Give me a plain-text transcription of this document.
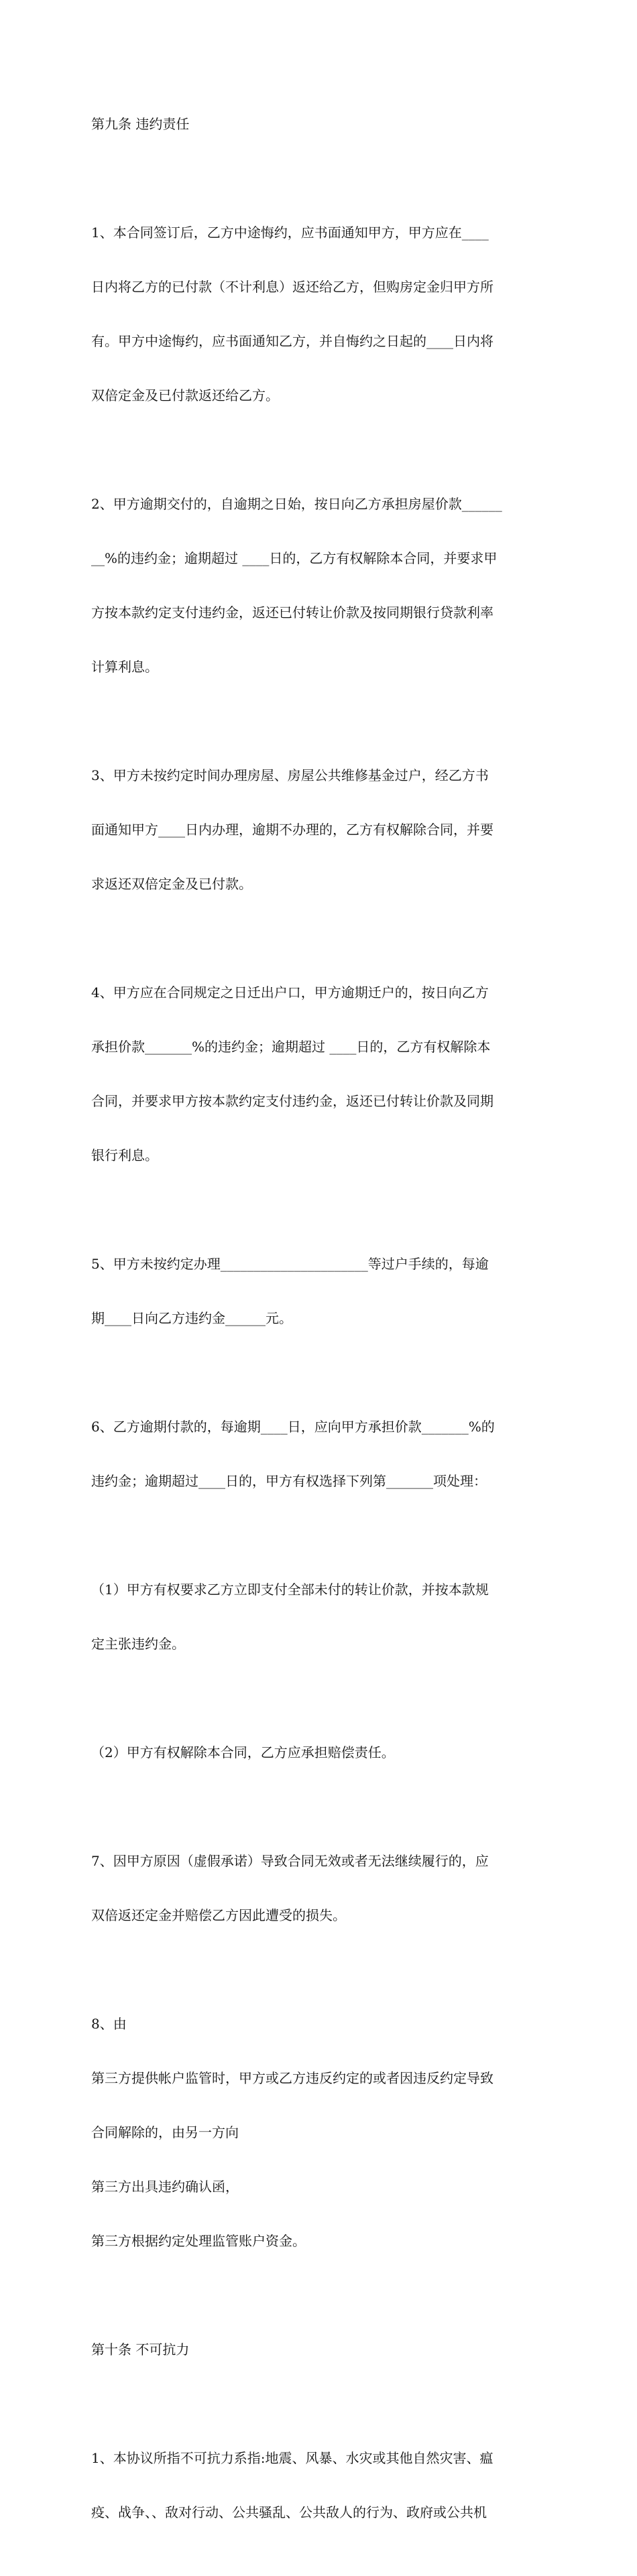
第九条 违约责任

1、本合同签订后，乙方中途悔约，应书面通知甲方，甲方应在____

日内将乙方的已付款（不计利息）返还给乙方，但购房定金归甲方所

有。甲方中途悔约，应书面通知乙方，并自悔约之日起的____日内将

双倍定金及已付款返还给乙方。

2、甲方逾期交付的，自逾期之日始，按日向乙方承担房屋价款______

__%的违约金；逾期超过 ____日的，乙方有权解除本合同，并要求甲

方按本款约定支付违约金，返还已付转让价款及按同期银行贷款利率

计算利息。

3、甲方未按约定时间办理房屋、房屋公共维修基金过户，经乙方书

面通知甲方____日内办理，逾期不办理的，乙方有权解除合同，并要

求返还双倍定金及已付款。

4、甲方应在合同规定之日迁出户口，甲方逾期迁户的，按日向乙方

承担价款_______%的违约金；逾期超过 ____日的，乙方有权解除本

合同，并要求甲方按本款约定支付违约金，返还已付转让价款及同期

银行利息。

5、甲方未按约定办理______________________等过户手续的，每逾

期____日向乙方违约金______元。

6、乙方逾期付款的，每逾期____日，应向甲方承担价款_______%的

违约金；逾期超过____日的，甲方有权选择下列第_______项处理：

（1）甲方有权要求乙方立即支付全部未付的转让价款，并按本款规

定主张违约金。

（2）甲方有权解除本合同，乙方应承担赔偿责任。

7、因甲方原因（虚假承诺）导致合同无效或者无法继续履行的，应

双倍返还定金并赔偿乙方因此遭受的损失。

8、由

第三方提供帐户监管时，甲方或乙方违反约定的或者因违反约定导致

合同解除的，由另一方向

第三方出具违约确认函，

第三方根据约定处理监管账户资金。

第十条 不可抗力

1、本协议所指不可抗力系指:地震、风暴、水灾或其他自然灾害、瘟

疫、战争、、敌对行动、公共骚乱、公共敌人的行为、政府或公共机
